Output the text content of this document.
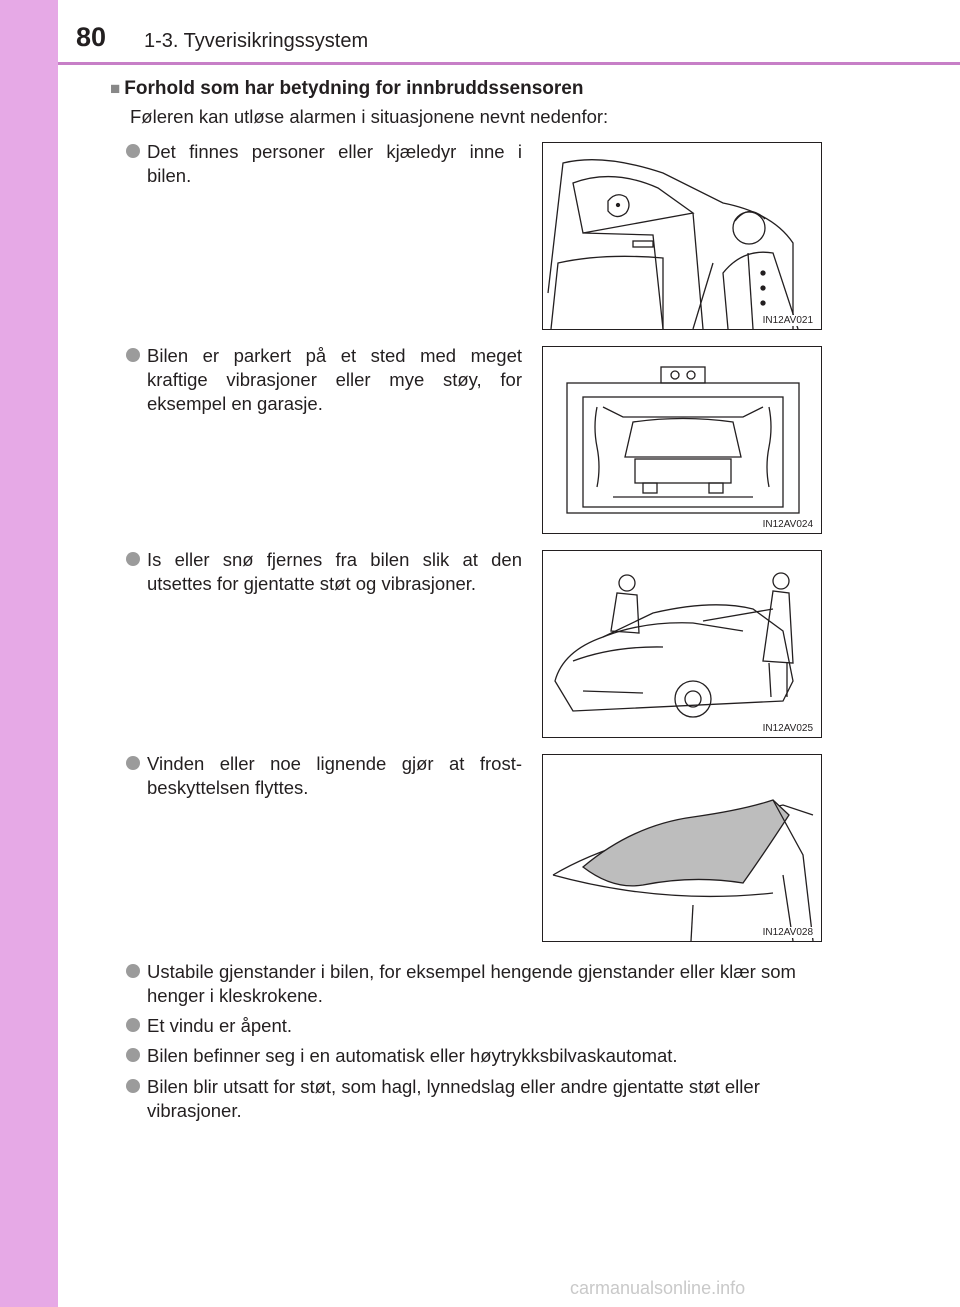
80 1-3. Tyverisikringssystem
■ Forhold som har betydning for innbruddssensoren
Føleren kan utløse alarmen i situasjonene nevnt nedenfor:
Det finnes personer eller kjæledyr inne i bilen.
IN12AV021
Bilen er parkert på et sted med meget kraftige vibrasjoner eller mye støy, for eksempel en garasje.
IN12AV024
Is eller snø fjernes fra bilen slik at den utsettes for gjentatte støt og vibrasjoner.
IN12AV025
Vinden eller noe lignende gjør at frost-beskyttelsen flyttes.
IN12AV028
Ustabile gjenstander i bilen, for eksempel hengende gjenstander eller klær som henger i kleskrokene.
Et vindu er åpent.
Bilen befinner seg i en automatisk eller høytrykksbilvaskautomat.
Bilen blir utsatt for støt, som hagl, lynnedslag eller andre gjentatte støt eller vibrasjoner.
carmanualsonline.info
